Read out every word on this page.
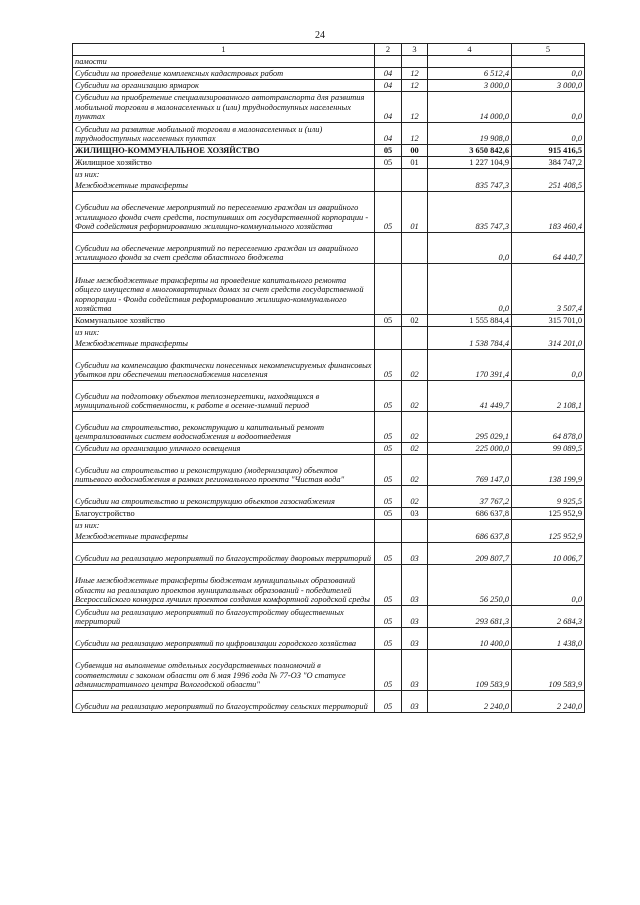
24
1	2	3	4	5
памости				
Субсидии на проведение комплексных кадастровых работ	04	12	6 512,4	0,0
Субсидии на организацию ярмарок	04	12	3 000,0	3 000,0
Субсидии на приобретение специализированного автотранспорта для развития мобильной торговли в малонаселенных и (или) труднодоступных населенных пунктах	04	12	14 000,0	0,0
Субсидии на развитие мобильной торговли в малонаселенных и (или) труднодоступных населенных пунктах	04	12	19 908,0	0,0
ЖИЛИЩНО-КОММУНАЛЬНОЕ ХОЗЯЙСТВО	05	00	3 650 842,6	915 416,5
Жилищное хозяйство	05	01	1 227 104,9	384 747,2
из них:				
Межбюджетные трансферты			835 747,3	251 408,5
Субсидии на обеспечение мероприятий по переселению граждан из аварийного жилищного фонда счет средств, поступивших от государственной корпорации - Фонд содействия реформированию жилищно-коммунального хозяйства	05	01	835 747,3	183 460,4
Субсидии на обеспечение мероприятий по переселению граждан из аварийного жилищного фонда за счет средств областного бюджета			0,0	64 440,7
Иные межбюджетные трансферты на проведение капитального ремонта общего имущества в многоквартирных домах за счет средств государственной корпорации - Фонда содействия реформированию жилищно-коммунального хозяйства			0,0	3 507,4
Коммунальное хозяйство	05	02	1 555 884,4	315 701,0
из них:				
Межбюджетные трансферты			1 538 784,4	314 201,0
Субсидии на компенсацию фактически понесенных некомпенсируемых финансовых убытков при обеспечении теплоснабжения населения	05	02	170 391,4	0,0
Субсидии на подготовку объектов теплоэнергетики, находящихся в муниципальной собственности, к работе в осенне-зимний период	05	02	41 449,7	2 108,1
Субсидии на строительство, реконструкцию и капитальный ремонт централизованных систем водоснабжения и водоотведения	05	02	295 029,1	64 878,0
Субсидии на организацию уличного освещения	05	02	225 000,0	99 089,5
Субсидии на строительство и реконструкцию (модернизацию) объектов питьевого водоснабжения в рамках регионального проекта "Чистая вода"	05	02	769 147,0	138 199,9
Субсидии на строительство и реконструкцию объектов газоснабжения	05	02	37 767,2	9 925,5
Благоустройство	05	03	686 637,8	125 952,9
из них:				
Межбюджетные трансферты			686 637,8	125 952,9
Субсидии на реализацию мероприятий по благоустройству дворовых территорий	05	03	209 807,7	10 006,7
Иные межбюджетные трансферты бюджетам муниципальных образований области на реализацию проектов муниципальных образований - победителей Всероссийского конкурса лучших проектов создания комфортной городской среды	05	03	56 250,0	0,0
Субсидии на реализацию мероприятий по благоустройству общественных территорий	05	03	293 681,3	2 684,3
Субсидии на реализацию мероприятий по цифровизации городского хозяйства	05	03	10 400,0	1 438,0
Субвенция на выполнение отдельных государственных полномочий в соответствии с законом области от 6 мая 1996 года № 77-ОЗ "О статусе административного центра Вологодской области"	05	03	109 583,9	109 583,9
Субсидии на реализацию мероприятий по благоустройству сельских территорий	05	03	2 240,0	2 240,0
